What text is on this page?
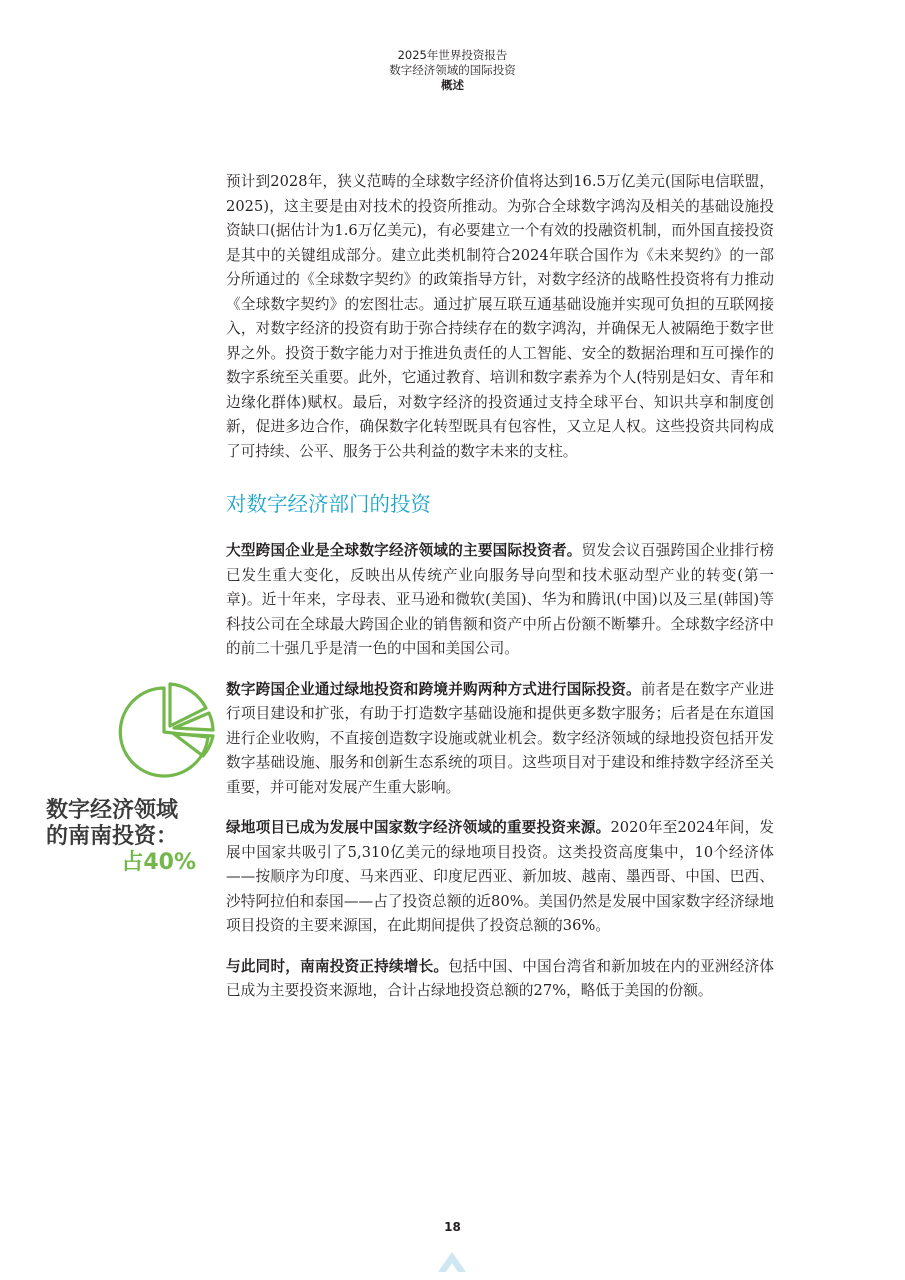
2025年世界投资报告
数字经济领域的国际投资
概述
数字经济领域
的南南投资：
占40%

预计到2028年，狭义范畴的全球数字经济价值将达到16.5万亿美元(国际电信联盟，2025)，这主要是由对技术的投资所推动。为弥合全球数字鸿沟及相关的基础设施投资缺口(据估计为1.6万亿美元)，有必要建立一个有效的投融资机制，而外国直接投资是其中的关键组成部分。建立此类机制符合2024年联合国作为《未来契约》的一部分所通过的《全球数字契约》的政策指导方针，对数字经济的战略性投资将有力推动《全球数字契约》的宏图壮志。通过扩展互联互通基础设施并实现可负担的互联网接入，对数字经济的投资有助于弥合持续存在的数字鸿沟，并确保无人被隔绝于数字世界之外。投资于数字能力对于推进负责任的人工智能、安全的数据治理和互可操作的数字系统至关重要。此外，它通过教育、培训和数字素养为个人(特别是妇女、青年和边缘化群体)赋权。最后，对数字经济的投资通过支持全球平台、知识共享和制度创新，促进多边合作，确保数字化转型既具有包容性，又立足人权。这些投资共同构成了可持续、公平、服务于公共利益的数字未来的支柱。

对数字经济部门的投资

大型跨国企业是全球数字经济领域的主要国际投资者。贸发会议百强跨国企业排行榜已发生重大变化，反映出从传统产业向服务导向型和技术驱动型产业的转变(第一章)。近十年来，字母表、亚马逊和微软(美国)、华为和腾讯(中国)以及三星(韩国)等科技公司在全球最大跨国企业的销售额和资产中所占份额不断攀升。全球数字经济中的前二十强几乎是清一色的中国和美国公司。

数字跨国企业通过绿地投资和跨境并购两种方式进行国际投资。前者是在数字产业进行项目建设和扩张，有助于打造数字基础设施和提供更多数字服务；后者是在东道国进行企业收购，不直接创造数字设施或就业机会。数字经济领域的绿地投资包括开发数字基础设施、服务和创新生态系统的项目。这些项目对于建设和维持数字经济至关重要，并可能对发展产生重大影响。

绿地项目已成为发展中国家数字经济领域的重要投资来源。2020年至2024年间，发展中国家共吸引了5,310亿美元的绿地项目投资。这类投资高度集中，10个经济体——按顺序为印度、马来西亚、印度尼西亚、新加坡、越南、墨西哥、中国、巴西、沙特阿拉伯和泰国——占了投资总额的近80%。美国仍然是发展中国家数字经济绿地项目投资的主要来源国，在此期间提供了投资总额的36%。

与此同时，南南投资正持续增长。包括中国、中国台湾省和新加坡在内的亚洲经济体已成为主要投资来源地，合计占绿地投资总额的27%，略低于美国的份额。

18
